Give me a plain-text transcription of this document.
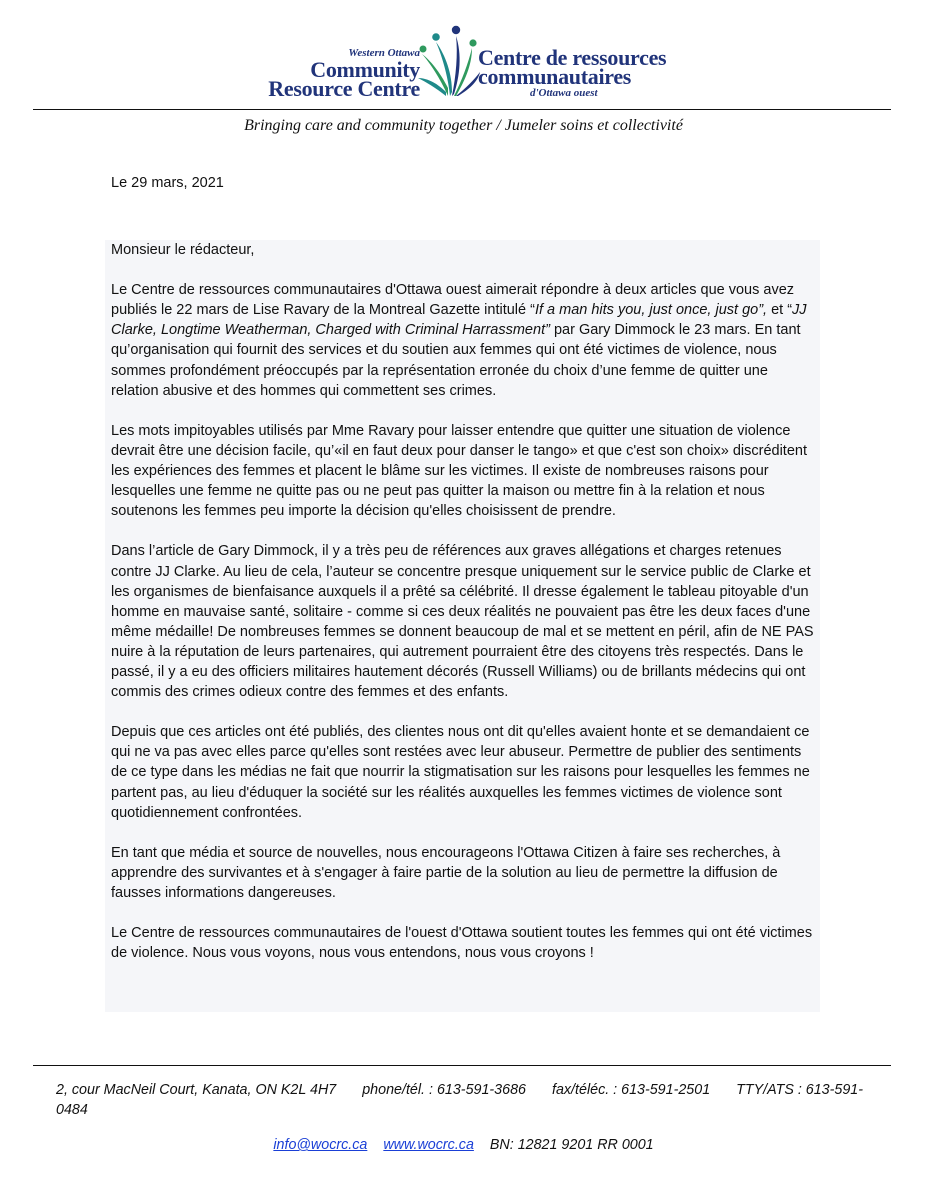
Western Ottawa
Community
Resource Centre
Centre de ressources
communautaires
d'Ottawa ouest
Bringing care and community together / Jumeler soins et collectivité
Le 29 mars, 2021

Monsieur le rédacteur,

Le Centre de ressources communautaires d'Ottawa ouest aimerait répondre à deux articles que vous avez publiés le 22 mars de Lise Ravary de la Montreal Gazette intitulé “If a man hits you, just once, just go”, et “JJ Clarke, Longtime Weatherman, Charged with Criminal Harrassment” par Gary Dimmock le 23 mars. En tant qu’organisation qui fournit des services et du soutien aux femmes qui ont été victimes de violence, nous sommes profondément préoccupés par la représentation erronée du choix d’une femme de quitter une relation abusive et des hommes qui commettent ses crimes.

Les mots impitoyables utilisés par Mme Ravary pour laisser entendre que quitter une situation de violence devrait être une décision facile, qu’«il en faut deux pour danser le tango» et que c'est son choix» discréditent les expériences des femmes et placent le blâme sur les victimes. Il existe de nombreuses raisons pour lesquelles une femme ne quitte pas ou ne peut pas quitter la maison ou mettre fin à la relation et nous soutenons les femmes peu importe la décision qu'elles choisissent de prendre.

Dans l’article de Gary Dimmock, il y a très peu de références aux graves allégations et charges retenues contre JJ Clarke. Au lieu de cela, l’auteur se concentre presque uniquement sur le service public de Clarke et les organismes de bienfaisance auxquels il a prêté sa célébrité. Il dresse également le tableau pitoyable d'un homme en mauvaise santé, solitaire - comme si ces deux réalités ne pouvaient pas être les deux faces d'une même médaille! De nombreuses femmes se donnent beaucoup de mal et se mettent en péril, afin de NE PAS nuire à la réputation de leurs partenaires, qui autrement pourraient être des citoyens très respectés. Dans le passé, il y a eu des officiers militaires hautement décorés (Russell Williams) ou de brillants médecins qui ont commis des crimes odieux contre des femmes et des enfants.

Depuis que ces articles ont été publiés, des clientes nous ont dit qu'elles avaient honte et se demandaient ce qui ne va pas avec elles parce qu'elles sont restées avec leur abuseur. Permettre de publier des sentiments de ce type dans les médias ne fait que nourrir la stigmatisation sur les raisons pour lesquelles les femmes ne partent pas, au lieu d'éduquer la société sur les réalités auxquelles les femmes victimes de violence sont quotidiennement confrontées.

En tant que média et source de nouvelles, nous encourageons l'Ottawa Citizen à faire ses recherches, à apprendre des survivantes et à s'engager à faire partie de la solution au lieu de permettre la diffusion de fausses informations dangereuses.

Le Centre de ressources communautaires de l'ouest d'Ottawa soutient toutes les femmes qui ont été victimes de violence. Nous vous voyons, nous vous entendons, nous vous croyons !

2, cour MacNeil Court, Kanata, ON K2L 4H7 phone/tél. : 613-591-3686 fax/téléc. : 613-591-2501 TTY/ATS : 613-591-0484
info@wocrc.ca www.wocrc.ca BN: 12821 9201 RR 0001
